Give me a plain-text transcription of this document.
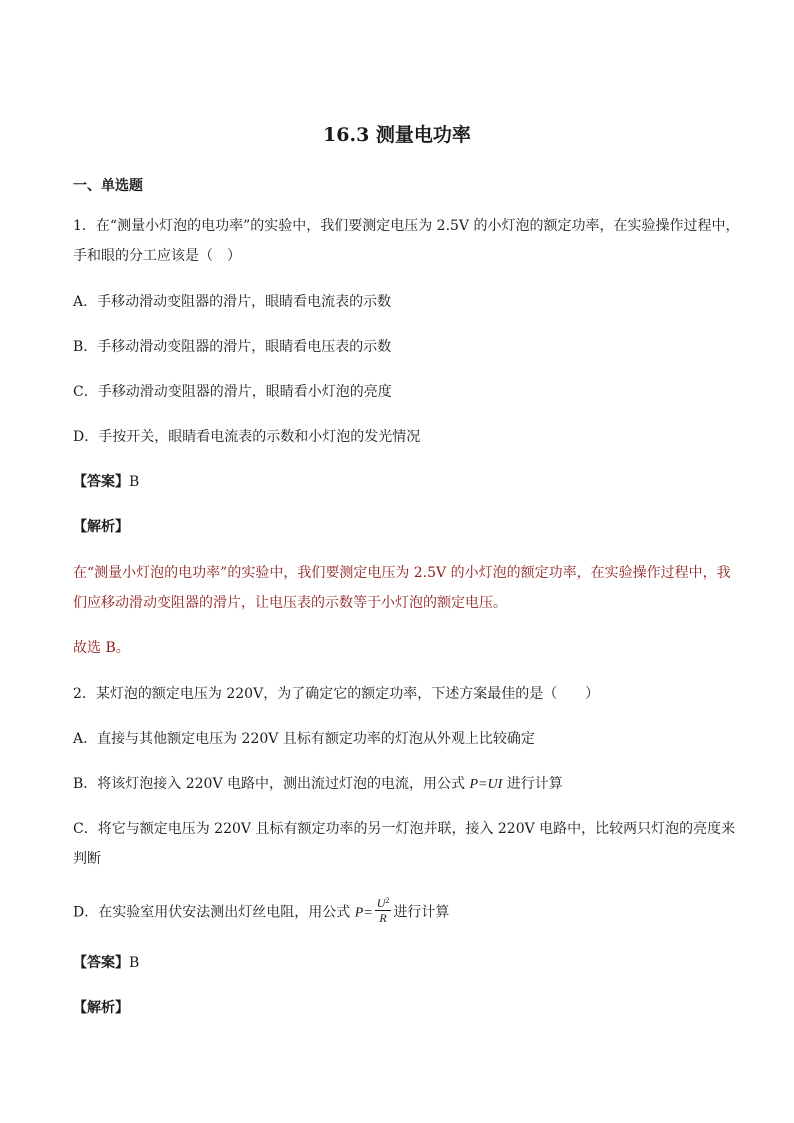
16.3 测量电功率
一、单选题
1．在“测量小灯泡的电功率”的实验中，我们要测定电压为 2.5V 的小灯泡的额定功率，在实验操作过程中，
手和眼的分工应该是（　）
A．手移动滑动变阻器的滑片，眼睛看电流表的示数
B．手移动滑动变阻器的滑片，眼睛看电压表的示数
C．手移动滑动变阻器的滑片，眼睛看小灯泡的亮度
D．手按开关，眼睛看电流表的示数和小灯泡的发光情况
【答案】B
【解析】
在“测量小灯泡的电功率”的实验中，我们要测定电压为 2.5V 的小灯泡的额定功率，在实验操作过程中，我
们应移动滑动变阻器的滑片，让电压表的示数等于小灯泡的额定电压。
故选 B。
2．某灯泡的额定电压为 220V，为了确定它的额定功率，下述方案最佳的是（　　）
A．直接与其他额定电压为 220V 且标有额定功率的灯泡从外观上比较确定
B．将该灯泡接入 220V 电路中，测出流过灯泡的电流，用公式 P=UI 进行计算
C．将它与额定电压为 220V 且标有额定功率的另一灯泡并联，接入 220V 电路中，比较两只灯泡的亮度来
判断
D．在实验室用伏安法测出灯丝电阻，用公式 $P= \frac{U^2}{R}$ 进行计算
【答案】B
【解析】
